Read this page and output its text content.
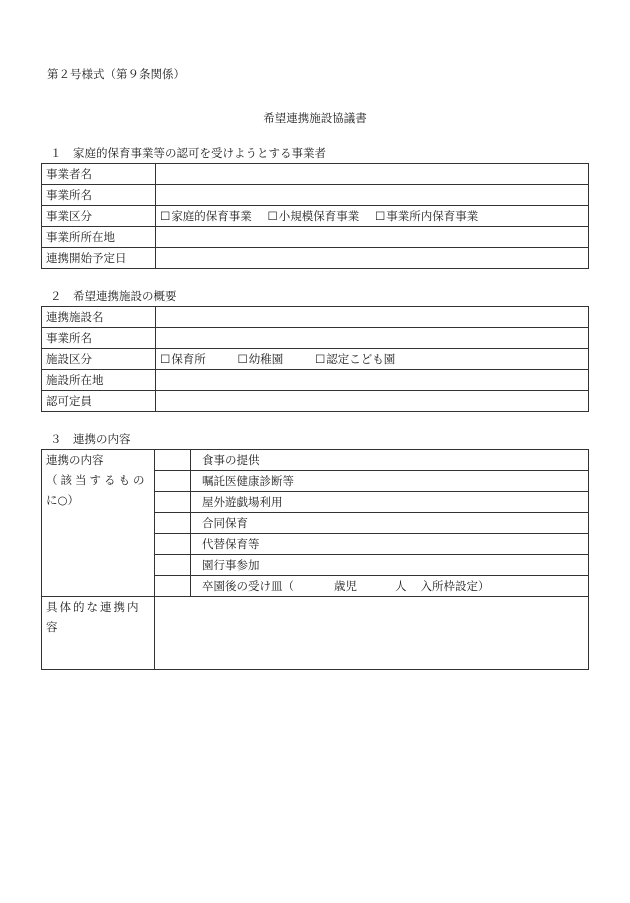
第２号様式（第９条関係）
希望連携施設協議書
１　家庭的保育事業等の認可を受けようとする事業者
事業者名	
事業所名	
事業区分	☐家庭的保育事業 ☐小規模保育事業 ☐事業所内保育事業
事業所所在地	
連携開始予定日	
２　希望連携施設の概要
連携施設名	
事業所名	
施設区分	☐保育所 ☐幼稚園 ☐認定こども園
施設所在地	
認可定員	
３　連携の内容
連携の内容
（該当するもの
に○）		食事の提供
		嘱託医健康診断等
		屋外遊戯場利用
		合同保育
		代替保育等
		園行事参加
		卒園後の受け皿（ 歳児 人 入所枠設定）
具体的な連携内容		
